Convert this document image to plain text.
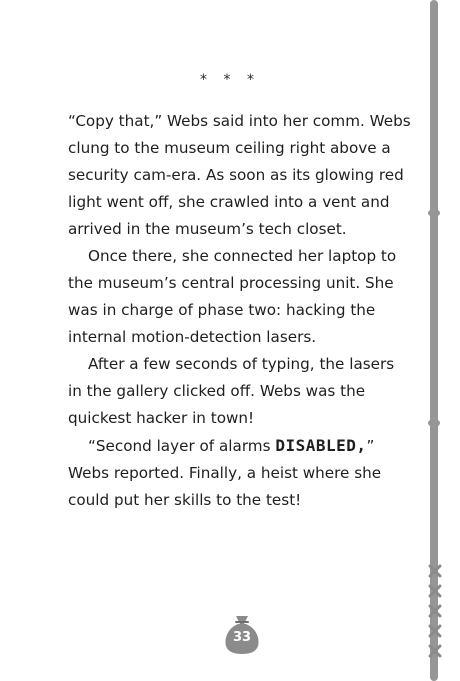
* * *

“Copy that,” Webs said into her comm. Webs clung to the museum ceiling right above a security cam-era. As soon as its glowing red light went off, she crawled into a vent and arrived in the museum’s tech closet.

Once there, she connected her laptop to the museum’s central processing unit. She was in charge of phase two: hacking the internal motion-detection lasers.

After a few seconds of typing, the lasers in the gallery clicked off. Webs was the quickest hacker in town!

“Second layer of alarms DISABLED,” Webs reported. Finally, a heist where she could put her skills to the test!

33
